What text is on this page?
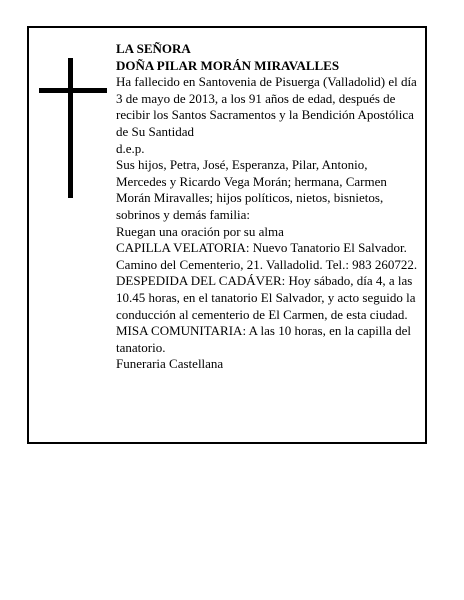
LA SEÑORA

DOÑA PILAR MORÁN MIRAVALLES

Ha fallecido en Santovenia de Pisuerga (Valladolid) el día 3 de mayo de 2013, a los 91 años de edad, después de recibir los Santos Sacramentos y la Bendición Apostólica de Su Santidad

d.e.p.

Sus hijos, Petra, José, Esperanza, Pilar, Antonio, Mercedes y Ricardo Vega Morán; hermana, Carmen Morán Miravalles; hijos políticos, nietos, bisnietos, sobrinos y demás familia:

Ruegan una oración por su alma

CAPILLA VELATORIA: Nuevo Tanatorio El Salvador. Camino del Cementerio, 21. Valladolid. Tel.: 983 260722.

DESPEDIDA DEL CADÁVER: Hoy sábado, día 4, a las 10.45 horas, en el tanatorio El Salvador, y acto seguido la conducción al cementerio de El Carmen, de esta ciudad. MISA COMUNITARIA: A las 10 horas, en la capilla del tanatorio.

Funeraria Castellana
